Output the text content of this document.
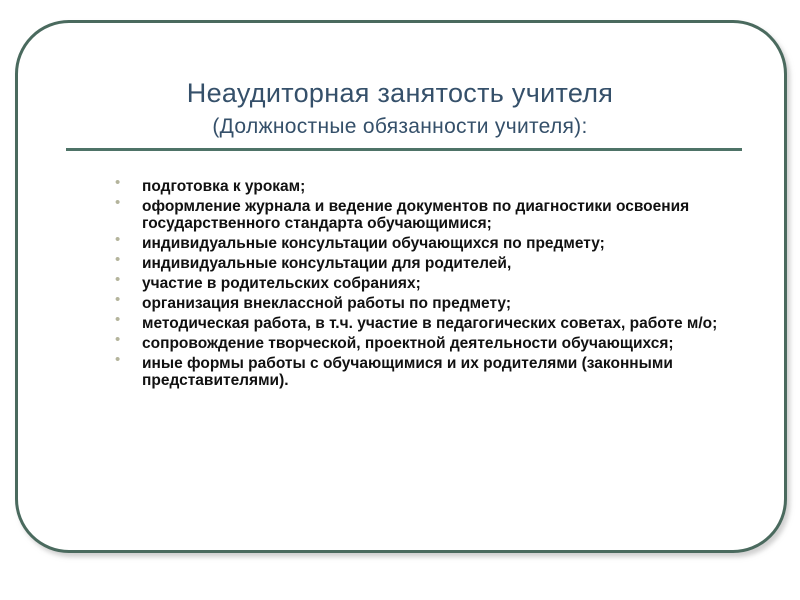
Неаудиторная занятость учителя
(Должностные обязанности учителя):
•	подготовка к урокам;
•	оформление журнала и ведение документов по диагностики освоения государственного стандарта обучающимися;
•	индивидуальные консультации обучающихся по предмету;
•	индивидуальные консультации для родителей,
•	участие в родительских собраниях;
•	организация внеклассной работы по предмету;
•	методическая работа, в т.ч. участие в педагогических советах, работе м/о;
•	сопровождение творческой, проектной деятельности обучающихся;
•	иные формы работы с обучающимися и их родителями (законными представителями).
